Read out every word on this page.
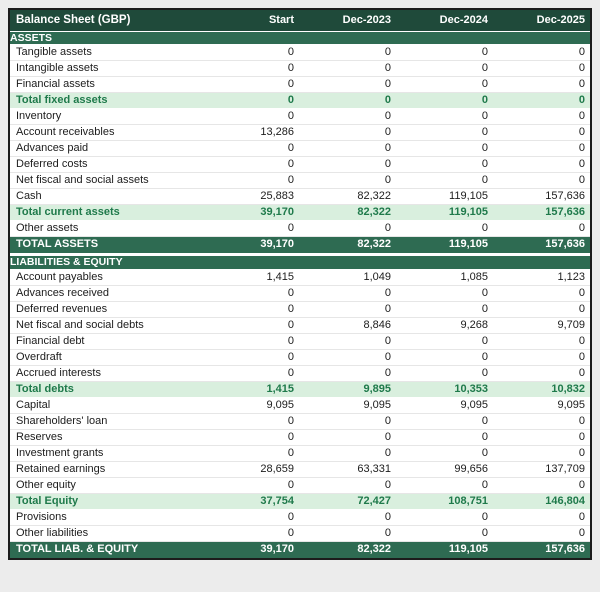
Balance Sheet (GBP)	Start	Dec-2023	Dec-2024	Dec-2025
ASSETS				
Tangible assets	0	0	0	0
Intangible assets	0	0	0	0
Financial assets	0	0	0	0
Total fixed assets	0	0	0	0
Inventory	0	0	0	0
Account receivables	13,286	0	0	0
Advances paid	0	0	0	0
Deferred costs	0	0	0	0
Net fiscal and social assets	0	0	0	0
Cash	25,883	82,322	119,105	157,636
Total current assets	39,170	82,322	119,105	157,636
Other assets	0	0	0	0
TOTAL ASSETS	39,170	82,322	119,105	157,636

LIABILITIES & EQUITY				
Account payables	1,415	1,049	1,085	1,123
Advances received	0	0	0	0
Deferred revenues	0	0	0	0
Net fiscal and social debts	0	8,846	9,268	9,709
Financial debt	0	0	0	0
Overdraft	0	0	0	0
Accrued interests	0	0	0	0
Total debts	1,415	9,895	10,353	10,832
Capital	9,095	9,095	9,095	9,095
Shareholders' loan	0	0	0	0
Reserves	0	0	0	0
Investment grants	0	0	0	0
Retained earnings	28,659	63,331	99,656	137,709
Other equity	0	0	0	0
Total Equity	37,754	72,427	108,751	146,804
Provisions	0	0	0	0
Other liabilities	0	0	0	0
TOTAL LIAB. & EQUITY	39,170	82,322	119,105	157,636
